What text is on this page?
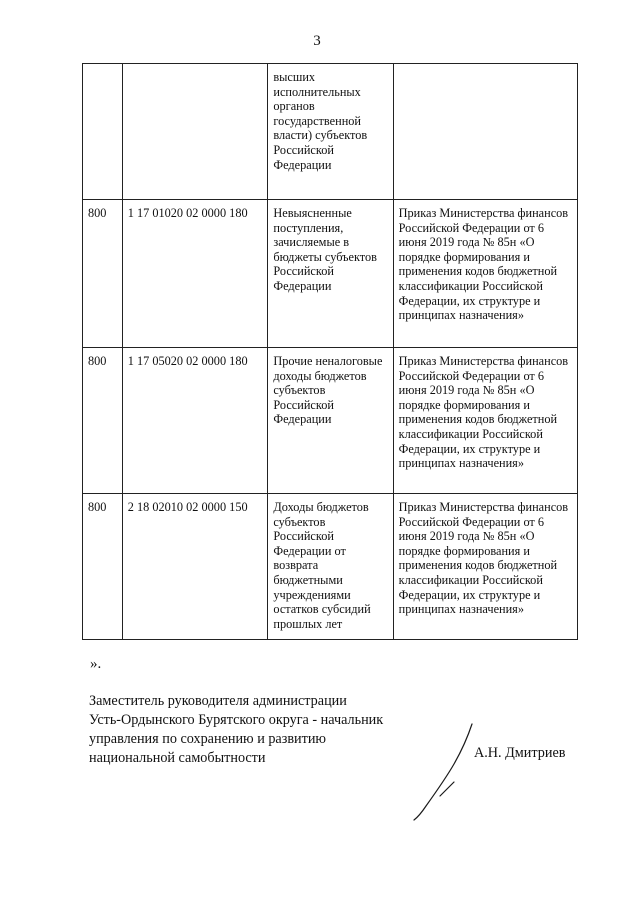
3
		высших исполнительных органов государственной власти) субъектов Российской Федерации	
800	1 17 01020 02 0000 180	Невыясненные поступления, зачисляемые в бюджеты субъектов Российской Федерации	Приказ Министерства финансов Российской Федерации от 6 июня 2019 года № 85н «О порядке формирования и применения кодов бюджетной классификации Российской Федерации, их структуре и принципах назначения»
800	1 17 05020 02 0000 180	Прочие неналоговые доходы бюджетов субъектов Российской Федерации	Приказ Министерства финансов Российской Федерации от 6 июня 2019 года № 85н «О порядке формирования и применения кодов бюджетной классификации Российской Федерации, их структуре и принципах назначения»
800	2 18 02010 02 0000 150	Доходы бюджетов субъектов Российской Федерации от возврата бюджетными учреждениями остатков субсидий прошлых лет	Приказ Министерства финансов Российской Федерации от 6 июня 2019 года № 85н «О порядке формирования и применения кодов бюджетной классификации Российской Федерации, их структуре и принципах назначения»
».
Заместитель руководителя администрации
Усть-Ордынского Бурятского округа - начальник
управления по сохранению и развитию
национальной самобытности	А.Н. Дмитриев
